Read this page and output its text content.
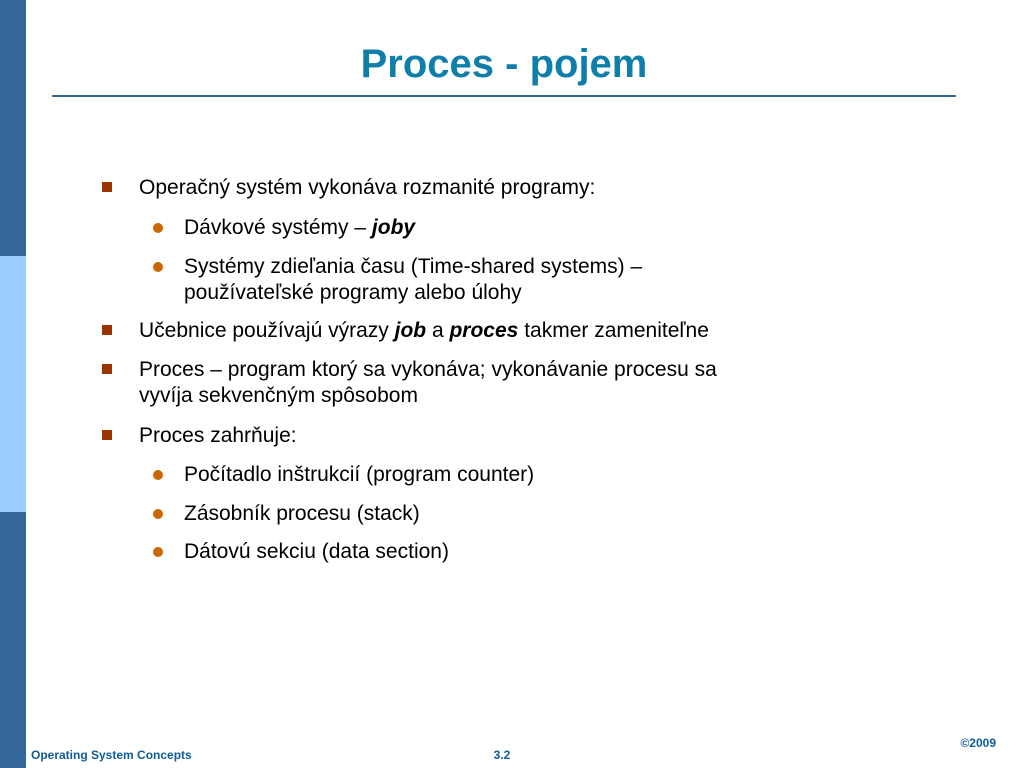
Proces - pojem
Operačný systém vykonáva rozmanité programy:
Dávkové systémy – joby
Systémy zdieľania času (Time-shared systems) –
používateľské programy alebo úlohy
Učebnice používajú výrazy job a proces takmer zameniteľne
Proces – program ktorý sa vykonáva; vykonávanie procesu sa
vyvíja sekvenčným spôsobom
Proces zahrňuje:
Počítadlo inštrukcií (program counter)
Zásobník procesu (stack)
Dátovú sekciu (data section)
Operating System Concepts	3.2
©2009
